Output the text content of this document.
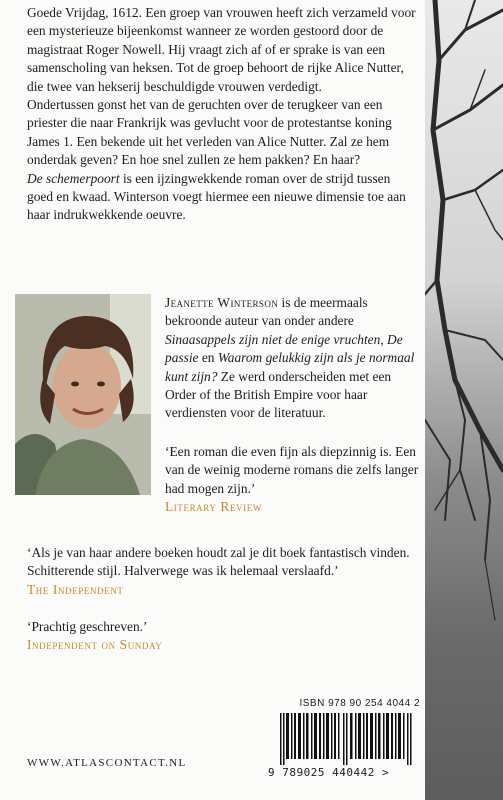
Goede Vrijdag, 1612. Een groep van vrouwen heeft zich verzameld voor een mysterieuze bijeenkomst wanneer ze worden gestoord door de magistraat Roger Nowell. Hij vraagt zich af of er sprake is van een samenscholing van heksen. Tot de groep behoort de rijke Alice Nutter, die twee van hekserij beschuldigde vrouwen verdedigt.

Ondertussen gonst het van de geruchten over de terugkeer van een priester die naar Frankrijk was gevlucht voor de protestantse koning James 1. Een bekende uit het verleden van Alice Nutter. Zal ze hem onderdak geven? En hoe snel zullen ze hem pakken? En haar?

De schemerpoort is een ijzingwekkende roman over de strijd tussen goed en kwaad. Winterson voegt hiermee een nieuwe dimensie toe aan haar indrukwekkende oeuvre.

Jeanette Winterson is de meermaals bekroonde auteur van onder andere Sinaasappels zijn niet de enige vruchten, De passie en Waarom gelukkig zijn als je normaal kunt zijn? Ze werd onderscheiden met een Order of the British Empire voor haar verdiensten voor de literatuur.

‘Een roman die even fijn als diepzinnig is. Een van de weinig moderne romans die zelfs langer had mogen zijn.’

Literary Review

‘Als je van haar andere boeken houdt zal je dit boek fantastisch vinden. Schitterende stijl. Halverwege was ik helemaal verslaafd.’

The Independent

‘Prachtig geschreven.’

Independent on Sunday

ISBN 978 90 254 4044 2
9 789025 440442 >
WWW.ATLASCONTACT.NL
